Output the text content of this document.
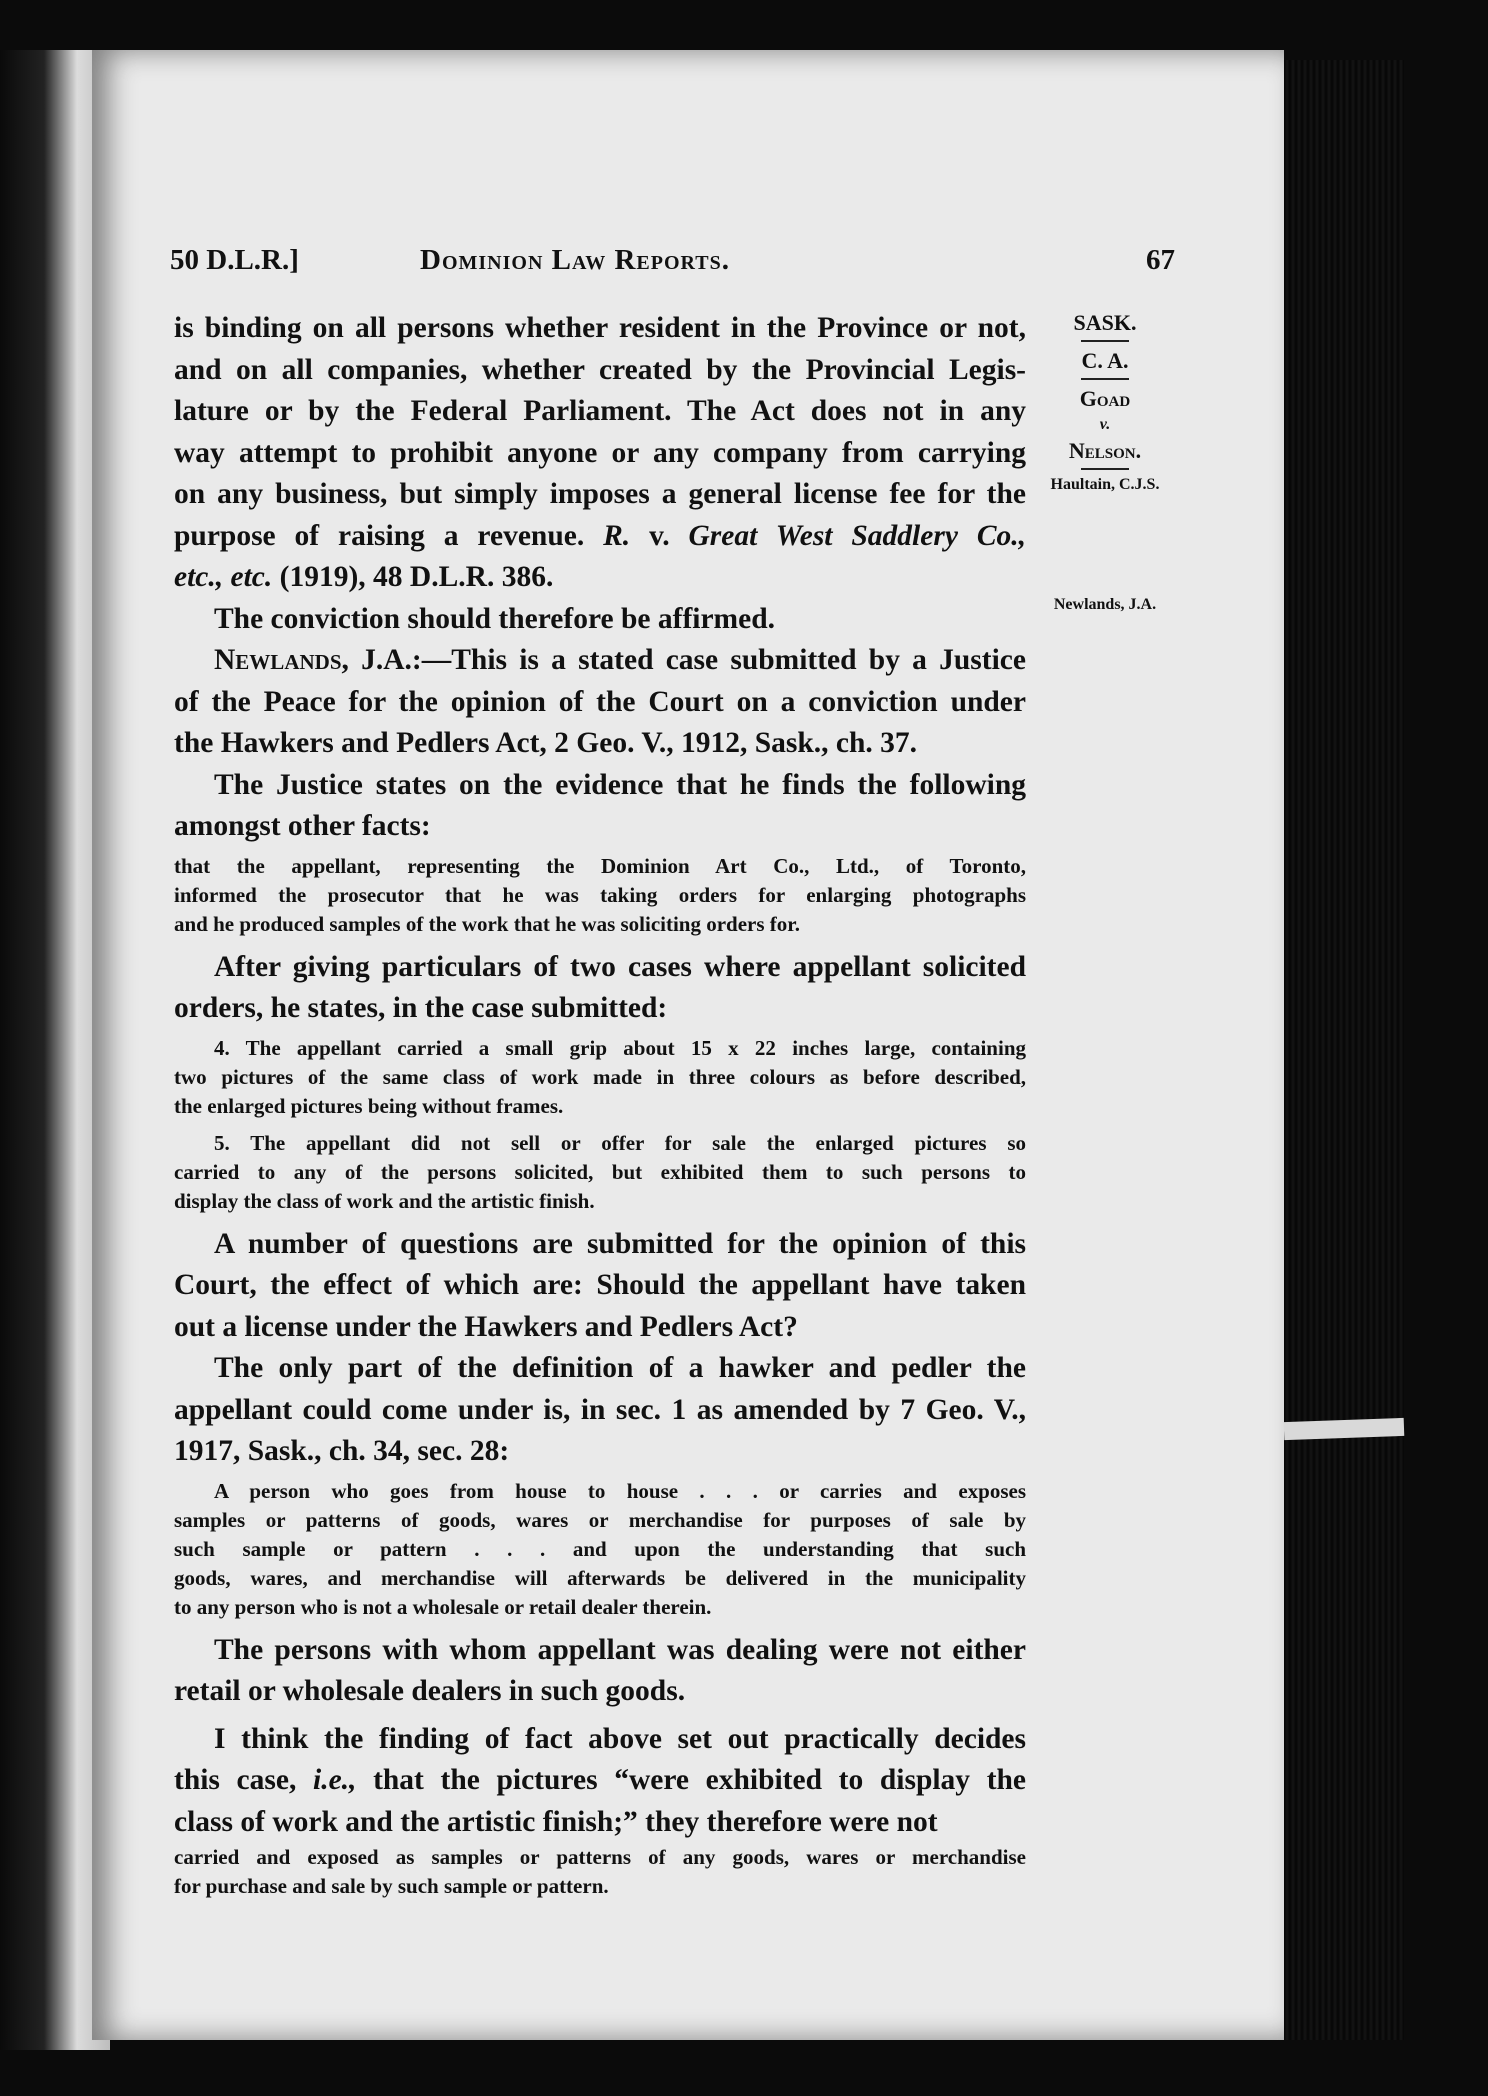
50 D.L.R.]	Dominion Law Reports.	67
SASK.
C. A.
Goad
v.
Nelson.
Haultain, C.J.S.
Newlands, J.A.

is binding on all persons whether resident in the Province or not,
and on all companies, whether created by the Provincial Legis-
lature or by the Federal Parliament. The Act does not in any
way attempt to prohibit anyone or any company from carrying
on any business, but simply imposes a general license fee for the
purpose of raising a revenue. R. v. Great West Saddlery Co.,
etc., etc. (1919), 48 D.L.R. 386.

The conviction should therefore be affirmed.

Newlands, J.A.:—This is a stated case submitted by a Justice
of the Peace for the opinion of the Court on a conviction under
the Hawkers and Pedlers Act, 2 Geo. V., 1912, Sask., ch. 37.

The Justice states on the evidence that he finds the following
amongst other facts:

that the appellant, representing the Dominion Art Co., Ltd., of Toronto,
informed the prosecutor that he was taking orders for enlarging photographs
and he produced samples of the work that he was soliciting orders for.

After giving particulars of two cases where appellant solicited
orders, he states, in the case submitted:

4. The appellant carried a small grip about 15 x 22 inches large, containing
two pictures of the same class of work made in three colours as before described,
the enlarged pictures being without frames.
5. The appellant did not sell or offer for sale the enlarged pictures so
carried to any of the persons solicited, but exhibited them to such persons to
display the class of work and the artistic finish.

A number of questions are submitted for the opinion of this
Court, the effect of which are: Should the appellant have taken
out a license under the Hawkers and Pedlers Act?

The only part of the definition of a hawker and pedler the
appellant could come under is, in sec. 1 as amended by 7 Geo. V.,
1917, Sask., ch. 34, sec. 28:

A person who goes from house to house . . . or carries and exposes
samples or patterns of goods, wares or merchandise for purposes of sale by
such sample or pattern . . . and upon the understanding that such
goods, wares, and merchandise will afterwards be delivered in the municipality
to any person who is not a wholesale or retail dealer therein.

The persons with whom appellant was dealing were not either
retail or wholesale dealers in such goods.

I think the finding of fact above set out practically decides
this case, i.e., that the pictures “were exhibited to display the
class of work and the artistic finish;” they therefore were not

carried and exposed as samples or patterns of any goods, wares or merchandise
for purchase and sale by such sample or pattern.
